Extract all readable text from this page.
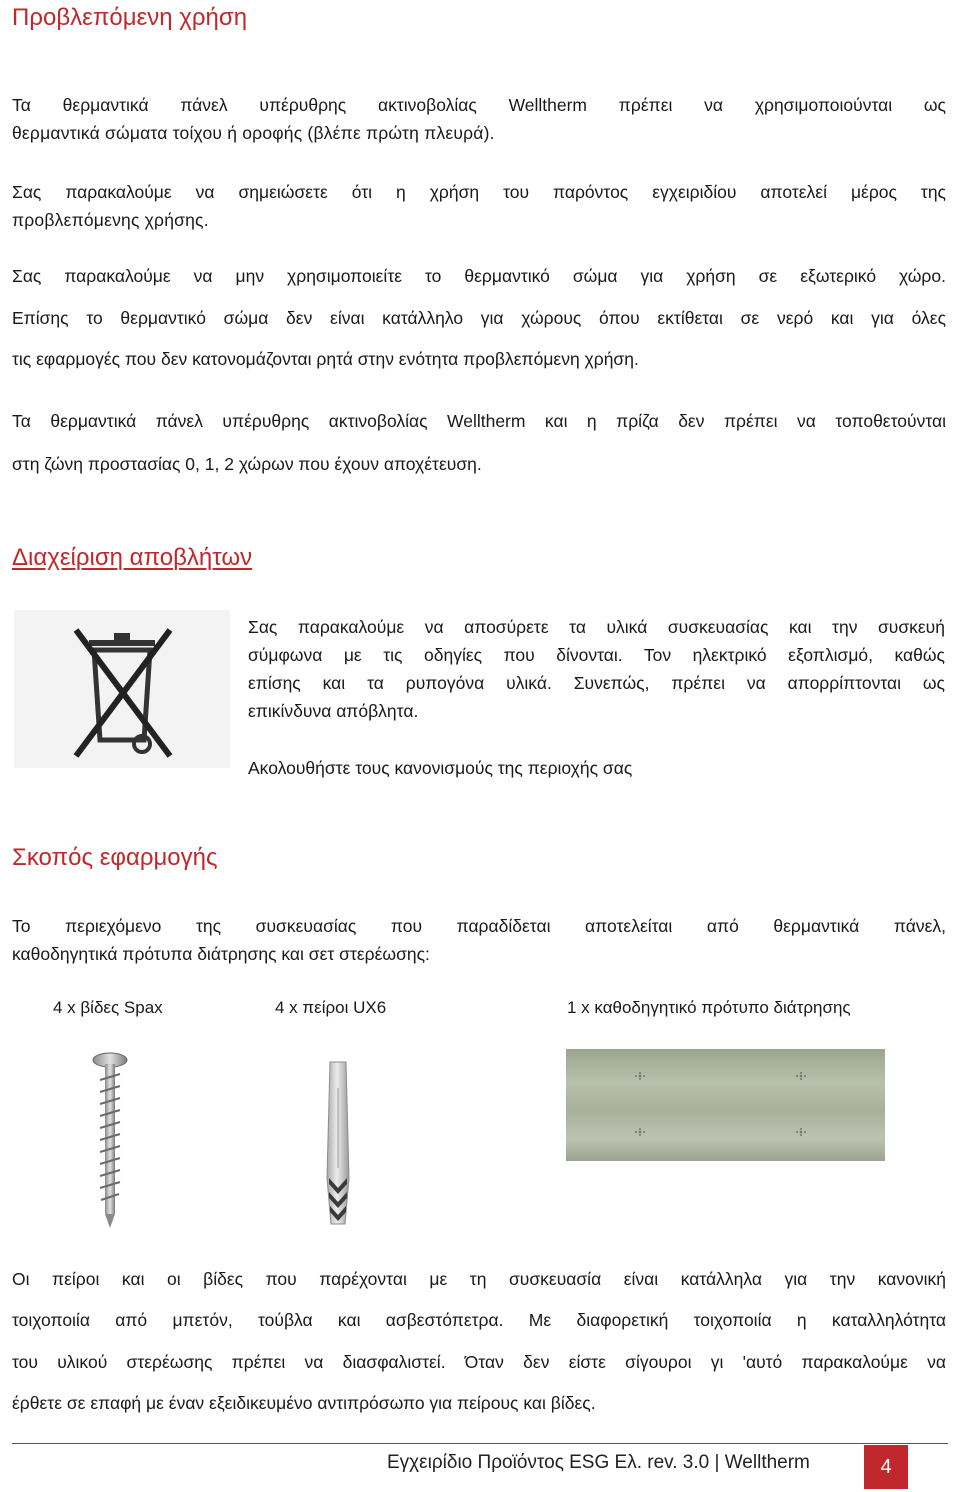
Προβλεπόμενη χρήση

Τα θερμαντικά πάνελ υπέρυθρης ακτινοβολίας Welltherm πρέπει να χρησιμοποιούνται ως

θερμαντικά σώματα τοίχου ή οροφής (βλέπε πρώτη πλευρά).

Σας παρακαλούμε να σημειώσετε ότι η χρήση του παρόντος εγχειριδίου αποτελεί μέρος της

προβλεπόμενης χρήσης.

Σας παρακαλούμε να μην χρησιμοποιείτε το θερμαντικό σώμα για χρήση σε εξωτερικό χώρο.

Επίσης το θερμαντικό σώμα δεν είναι κατάλληλο για χώρους όπου εκτίθεται σε νερό και για όλες

τις εφαρμογές που δεν κατονομάζονται ρητά στην ενότητα προβλεπόμενη χρήση.

Τα θερμαντικά πάνελ υπέρυθρης ακτινοβολίας Welltherm και η πρίζα δεν πρέπει να τοποθετούνται

στη ζώνη προστασίας 0, 1, 2 χώρων που έχουν αποχέτευση.

Διαχείριση αποβλήτων

Σας παρακαλούμε να αποσύρετε τα υλικά συσκευασίας και την συσκευή

σύμφωνα με τις οδηγίες που δίνονται. Τον ηλεκτρικό εξοπλισμό, καθώς

επίσης και τα ρυπογόνα υλικά. Συνεπώς, πρέπει να απορρίπτονται ως

επικίνδυνα απόβλητα.

Ακολουθήστε τους κανονισμούς της περιοχής σας

Σκοπός εφαρμογής

Το περιεχόμενο της συσκευασίας που παραδίδεται αποτελείται από θερμαντικά πάνελ,

καθοδηγητικά πρότυπα διάτρησης και σετ στερέωσης:

4 x βίδες Spax	4 x πείροι UX6	1 x καθοδηγητικό πρότυπο διάτρησης

Οι πείροι και οι βίδες που παρέχονται με τη συσκευασία είναι κατάλληλα για την κανονική

τοιχοποιία από μπετόν, τούβλα και ασβεστόπετρα. Με διαφορετική τοιχοποιία η καταλληλότητα

του υλικού στερέωσης πρέπει να διασφαλιστεί. Όταν δεν είστε σίγουροι γι 'αυτό παρακαλούμε να

έρθετε σε επαφή με έναν εξειδικευμένο αντιπρόσωπο για πείρους και βίδες.

Εγχειρίδιο Προϊόντος ESG Ελ. rev. 3.0 | Welltherm	4
